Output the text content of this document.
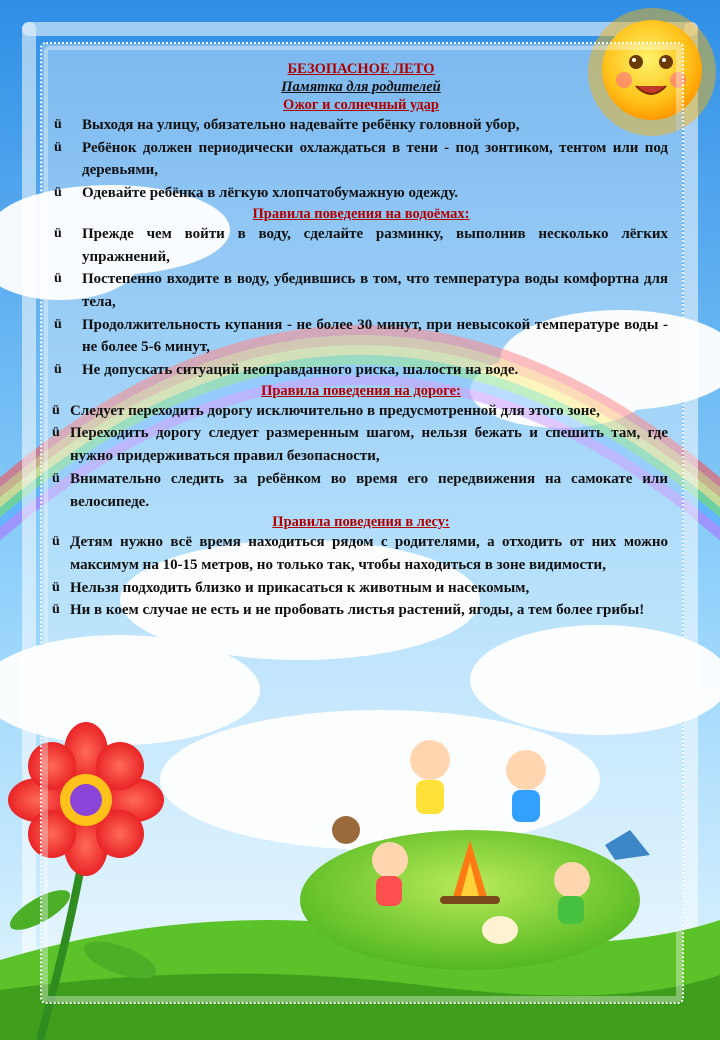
БЕЗОПАСНОЕ ЛЕТО
Памятка для родителей
Ожог и солнечный удар
ü Выходя на улицу, обязательно надевайте ребёнку головной убор,
ü Ребёнок должен периодически охлаждаться в тени - под зонтиком, тентом или под деревьями,
ü Одевайте ребёнка в лёгкую хлопчатобумажную одежду.
Правила поведения на водоёмах:
ü Прежде чем войти в воду, сделайте разминку, выполнив несколько лёгких упражнений,
ü Постепенно входите в воду, убедившись в том, что температура воды комфортна для тела,
ü Продолжительность купания - не более 30 минут, при невысокой температуре воды - не более 5-6 минут,
ü Не допускать ситуаций неоправданного риска, шалости на воде.
Правила поведения на дороге:
ü Следует переходить дорогу исключительно в предусмотренной для этого зоне,
ü Переходить дорогу следует размеренным шагом, нельзя бежать и спешить там, где нужно придерживаться правил безопасности,
ü Внимательно следить за ребёнком во время его передвижения на самокате или велосипеде.
Правила поведения в лесу:
ü Детям нужно всё время находиться рядом с родителями, а отходить от них можно максимум на 10-15 метров, но только так, чтобы находиться в зоне видимости,
ü Нельзя подходить близко и прикасаться к животным и насекомым,
ü Ни в коем случае не есть и не пробовать листья растений, ягоды, а тем более грибы!
